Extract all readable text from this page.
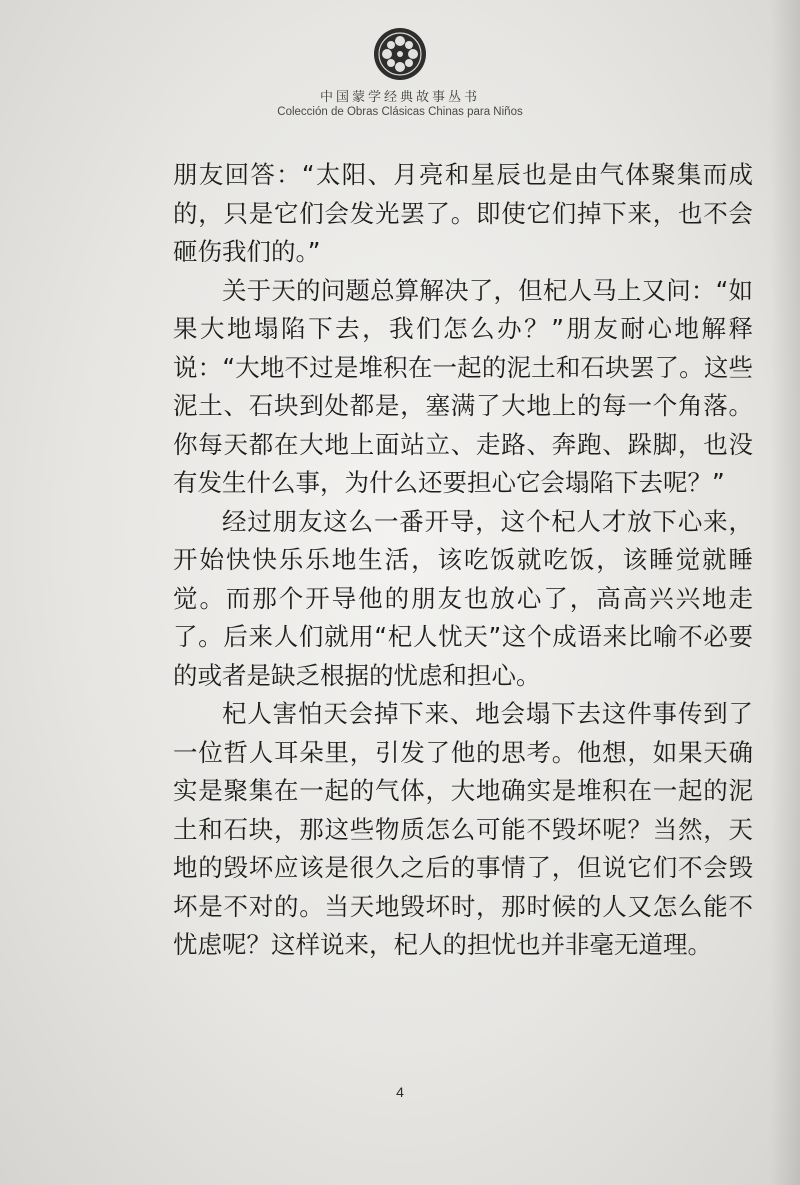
中国蒙学经典故事丛书
Colección de Obras Clásicas Chinas para Niños

朋友回答：“太阳、月亮和星辰也是由气体聚集而成的，只是它们会发光罢了。即使它们掉下来，也不会砸伤我们的。”

关于天的问题总算解决了，但杞人马上又问：“如果大地塌陷下去，我们怎么办？”朋友耐心地解释说：“大地不过是堆积在一起的泥土和石块罢了。这些泥土、石块到处都是，塞满了大地上的每一个角落。你每天都在大地上面站立、走路、奔跑、跺脚，也没有发生什么事，为什么还要担心它会塌陷下去呢？”

经过朋友这么一番开导，这个杞人才放下心来，开始快快乐乐地生活，该吃饭就吃饭，该睡觉就睡觉。而那个开导他的朋友也放心了，高高兴兴地走了。后来人们就用“杞人忧天”这个成语来比喻不必要的或者是缺乏根据的忧虑和担心。

杞人害怕天会掉下来、地会塌下去这件事传到了一位哲人耳朵里，引发了他的思考。他想，如果天确实是聚集在一起的气体，大地确实是堆积在一起的泥土和石块，那这些物质怎么可能不毁坏呢？当然，天地的毁坏应该是很久之后的事情了，但说它们不会毁坏是不对的。当天地毁坏时，那时候的人又怎么能不忧虑呢？这样说来，杞人的担忧也并非毫无道理。

4
